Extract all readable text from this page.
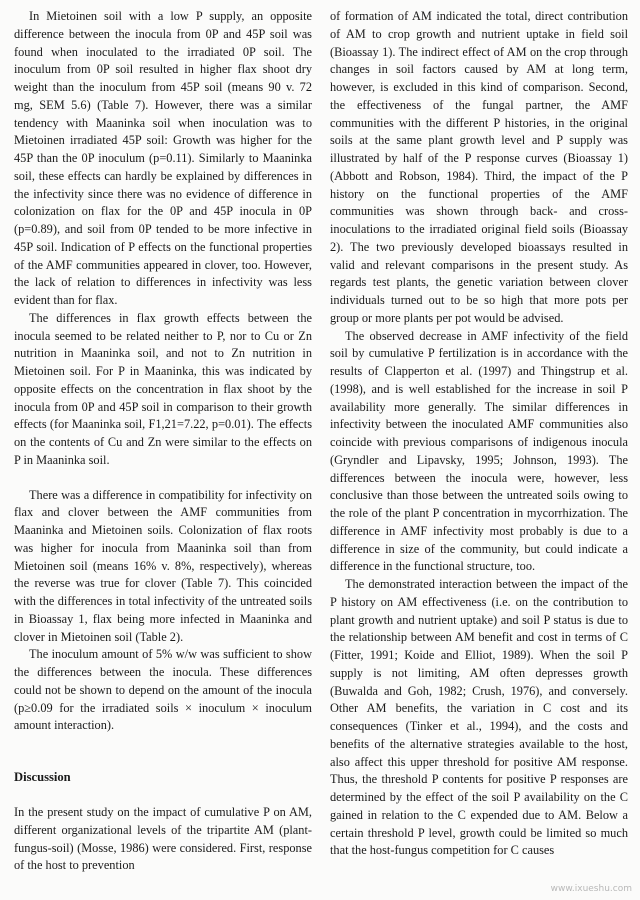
In Mietoinen soil with a low P supply, an opposite difference between the inocula from 0P and 45P soil was found when inoculated to the irradiated 0P soil. The inoculum from 0P soil resulted in higher flax shoot dry weight than the inoculum from 45P soil (means 90 v. 72 mg, SEM 5.6) (Table 7). However, there was a similar tendency with Maaninka soil when inoculation was to Mietoinen irradiated 45P soil: Growth was higher for the 45P than the 0P inoculum (p=0.11). Similarly to Maaninka soil, these effects can hardly be explained by differences in the infectivity since there was no evidence of difference in colonization on flax for the 0P and 45P inocula in 0P (p=0.89), and soil from 0P tended to be more infective in 45P soil. Indication of P effects on the functional properties of the AMF communities appeared in clover, too. However, the lack of relation to differences in infectivity was less evident than for flax.

The differences in flax growth effects between the inocula seemed to be related neither to P, nor to Cu or Zn nutrition in Maaninka soil, and not to Zn nutrition in Mietoinen soil. For P in Maaninka, this was indicated by opposite effects on the concentration in flax shoot by the inocula from 0P and 45P soil in comparison to their growth effects (for Maaninka soil, F1,21=7.22, p=0.01). The effects on the contents of Cu and Zn were similar to the effects on P in Maaninka soil.

There was a difference in compatibility for infectivity on flax and clover between the AMF communities from Maaninka and Mietoinen soils. Colonization of flax roots was higher for inocula from Maaninka soil than from Mietoinen soil (means 16% v. 8%, respectively), whereas the reverse was true for clover (Table 7). This coincided with the differences in total infectivity of the untreated soils in Bioassay 1, flax being more infected in Maaninka and clover in Mietoinen soil (Table 2).

The inoculum amount of 5% w/w was sufficient to show the differences between the inocula. These differences could not be shown to depend on the amount of the inocula (p≥0.09 for the irradiated soils × inoculum × inoculum amount interaction).

Discussion

In the present study on the impact of cumulative P on AM, different organizational levels of the tripartite AM (plant-fungus-soil) (Mosse, 1986) were considered. First, response of the host to prevention

of formation of AM indicated the total, direct contribution of AM to crop growth and nutrient uptake in field soil (Bioassay 1). The indirect effect of AM on the crop through changes in soil factors caused by AM at long term, however, is excluded in this kind of comparison. Second, the effectiveness of the fungal partner, the AMF communities with the different P histories, in the original soils at the same plant growth level and P supply was illustrated by half of the P response curves (Bioassay 1) (Abbott and Robson, 1984). Third, the impact of the P history on the functional properties of the AMF communities was shown through back- and cross-inoculations to the irradiated original field soils (Bioassay 2). The two previously developed bioassays resulted in valid and relevant comparisons in the present study. As regards test plants, the genetic variation between clover individuals turned out to be so high that more pots per group or more plants per pot would be advised.

The observed decrease in AMF infectivity of the field soil by cumulative P fertilization is in accordance with the results of Clapperton et al. (1997) and Thingstrup et al. (1998), and is well established for the increase in soil P availability more generally. The similar differences in infectivity between the inoculated AMF communities also coincide with previous comparisons of indigenous inocula (Gryndler and Lipavsky, 1995; Johnson, 1993). The differences between the inocula were, however, less conclusive than those between the untreated soils owing to the role of the plant P concentration in mycorrhization. The difference in AMF infectivity most probably is due to a difference in size of the community, but could indicate a difference in the functional structure, too.

The demonstrated interaction between the impact of the P history on AM effectiveness (i.e. on the contribution to plant growth and nutrient uptake) and soil P status is due to the relationship between AM benefit and cost in terms of C (Fitter, 1991; Koide and Elliot, 1989). When the soil P supply is not limiting, AM often depresses growth (Buwalda and Goh, 1982; Crush, 1976), and conversely. Other AM benefits, the variation in C cost and its consequences (Tinker et al., 1994), and the costs and benefits of the alternative strategies available to the host, also affect this upper threshold for positive AM response. Thus, the threshold P contents for positive P responses are determined by the effect of the soil P availability on the C gained in relation to the C expended due to AM. Below a certain threshold P level, growth could be limited so much that the host-fungus competition for C causes

www.ixueshu.com
